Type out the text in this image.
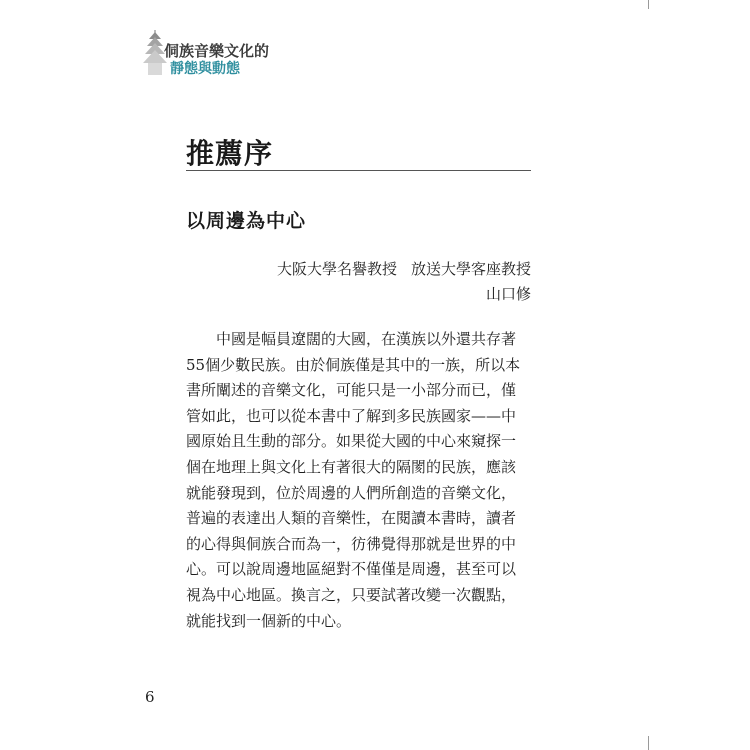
侗族音樂文化的
靜態與動態
推薦序
以周邊為中心
大阪大學名譽教授 放送大學客座教授
山口修
中國是幅員遼闊的大國，在漢族以外還共存著
55個少數民族。由於侗族僅是其中的一族，所以本
書所闡述的音樂文化，可能只是一小部分而已，僅
管如此，也可以從本書中了解到多民族國家——中
國原始且生動的部分。如果從大國的中心來窺探一
個在地理上與文化上有著很大的隔閡的民族，應該
就能發現到，位於周邊的人們所創造的音樂文化，
普遍的表達出人類的音樂性，在閱讀本書時，讀者
的心得與侗族合而為一，彷彿覺得那就是世界的中
心。可以說周邊地區絕對不僅僅是周邊，甚至可以
視為中心地區。換言之，只要試著改變一次觀點，
就能找到一個新的中心。
6
